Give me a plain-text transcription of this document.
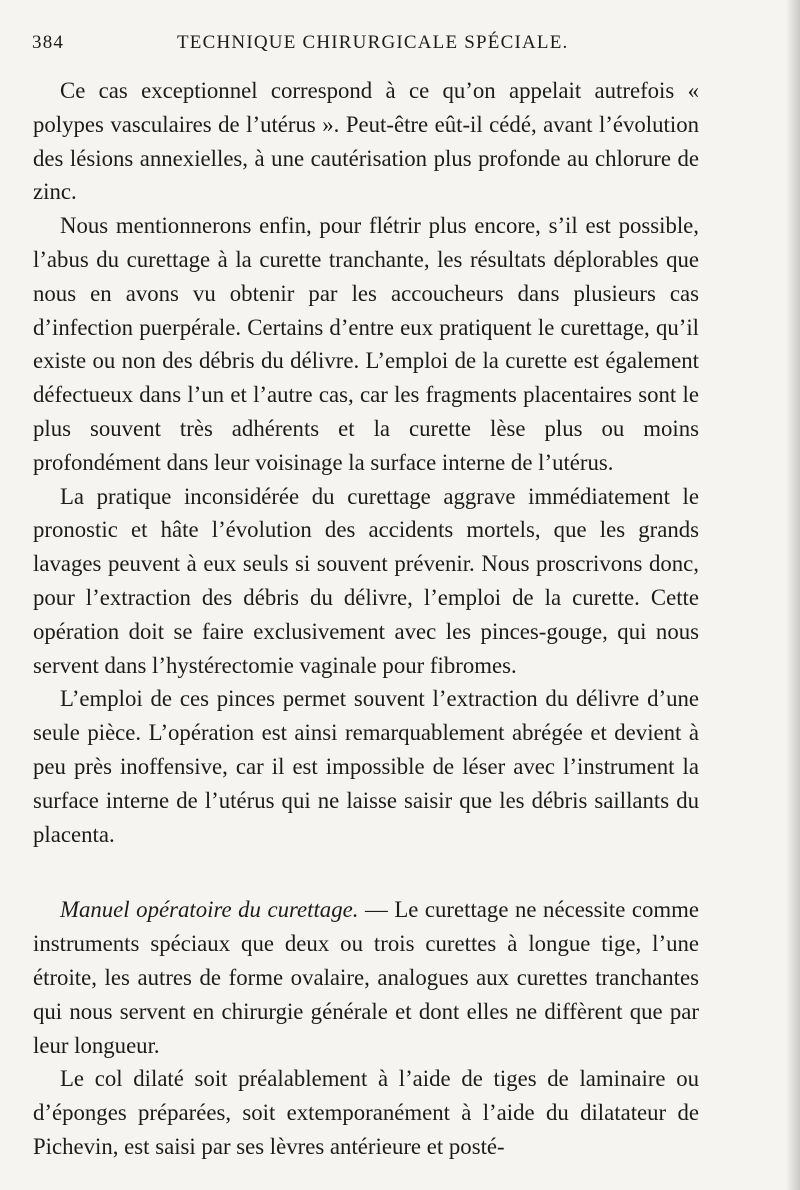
384	TECHNIQUE CHIRURGICALE SPÉCIALE.

Ce cas exceptionnel correspond à ce qu’on appelait autrefois « polypes vasculaires de l’utérus ». Peut-être eût-il cédé, avant l’évolution des lésions annexielles, à une cautérisation plus profonde au chlorure de zinc.

Nous mentionnerons enfin, pour flétrir plus encore, s’il est possible, l’abus du curettage à la curette tranchante, les résultats déplorables que nous en avons vu obtenir par les accoucheurs dans plusieurs cas d’infection puerpérale. Certains d’entre eux pratiquent le curettage, qu’il existe ou non des débris du délivre. L’emploi de la curette est également défectueux dans l’un et l’autre cas, car les fragments placentaires sont le plus souvent très adhérents et la curette lèse plus ou moins profondément dans leur voisinage la surface interne de l’utérus.

La pratique inconsidérée du curettage aggrave immédiatement le pronostic et hâte l’évolution des accidents mortels, que les grands lavages peuvent à eux seuls si souvent prévenir. Nous proscrivons donc, pour l’extraction des débris du délivre, l’emploi de la curette. Cette opération doit se faire exclusivement avec les pinces-gouge, qui nous servent dans l’hystérectomie vaginale pour fibromes.

L’emploi de ces pinces permet souvent l’extraction du délivre d’une seule pièce. L’opération est ainsi remarquablement abrégée et devient à peu près inoffensive, car il est impossible de léser avec l’instrument la surface interne de l’utérus qui ne laisse saisir que les débris saillants du placenta.

Manuel opératoire du curettage. — Le curettage ne nécessite comme instruments spéciaux que deux ou trois curettes à longue tige, l’une étroite, les autres de forme ovalaire, analogues aux curettes tranchantes qui nous servent en chirurgie générale et dont elles ne diffèrent que par leur longueur.

Le col dilaté soit préalablement à l’aide de tiges de laminaire ou d’éponges préparées, soit extemporanément à l’aide du dilatateur de Pichevin, est saisi par ses lèvres antérieure et posté-
